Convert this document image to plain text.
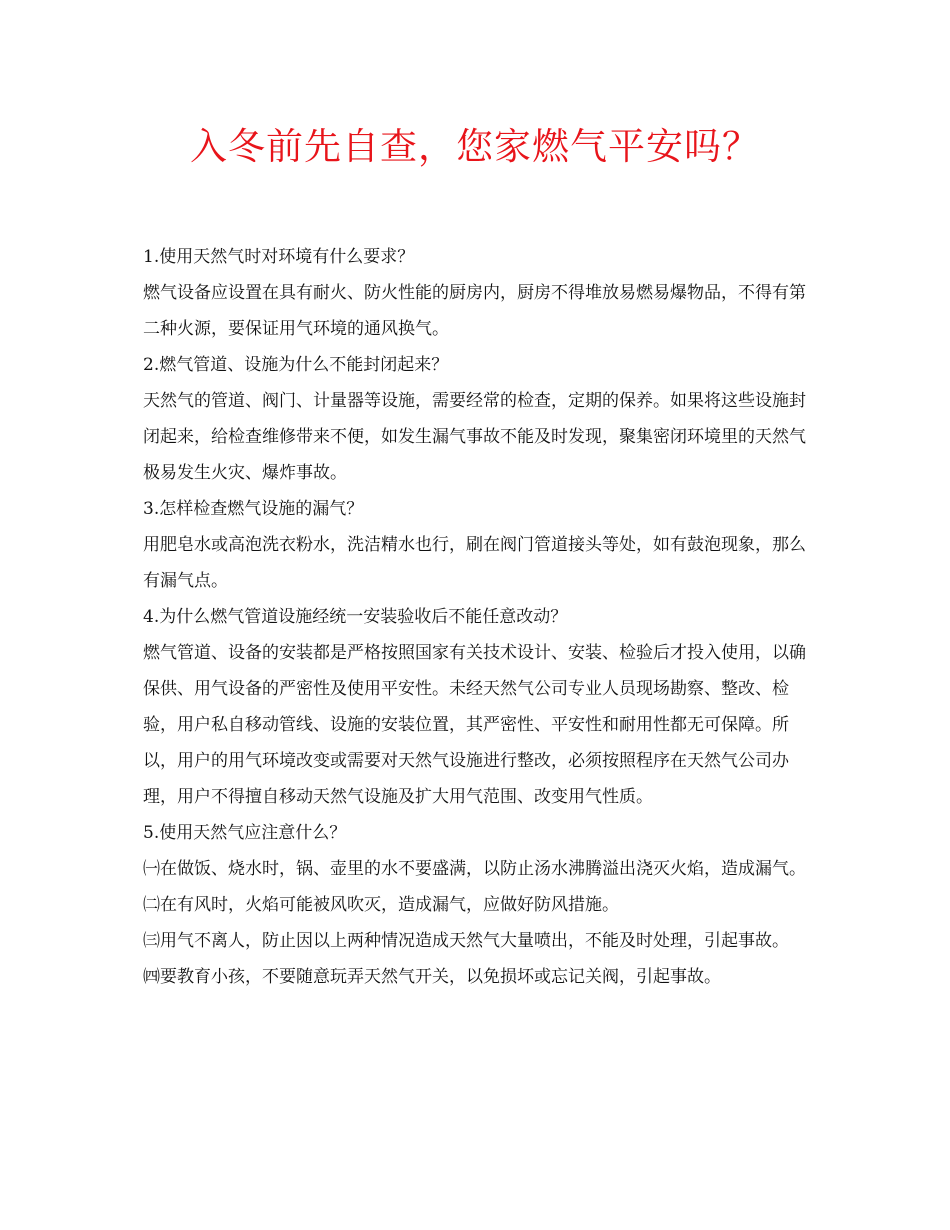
入冬前先自查，您家燃气平安吗？

1.使用天然气时对环境有什么要求？

燃气设备应设置在具有耐火、防火性能的厨房内，厨房不得堆放易燃易爆物品，不得有第二种火源，要保证用气环境的通风换气。

2.燃气管道、设施为什么不能封闭起来？

天然气的管道、阀门、计量器等设施，需要经常的检查，定期的保养。如果将这些设施封闭起来，给检查维修带来不便，如发生漏气事故不能及时发现，聚集密闭环境里的天然气极易发生火灾、爆炸事故。

3.怎样检查燃气设施的漏气？

用肥皂水或高泡洗衣粉水，洗洁精水也行，刷在阀门管道接头等处，如有鼓泡现象，那么有漏气点。

4.为什么燃气管道设施经统一安装验收后不能任意改动？

燃气管道、设备的安装都是严格按照国家有关技术设计、安装、检验后才投入使用，以确保供、用气设备的严密性及使用平安性。未经天然气公司专业人员现场勘察、整改、检验，用户私自移动管线、设施的安装位置，其严密性、平安性和耐用性都无可保障。所以，用户的用气环境改变或需要对天然气设施进行整改，必须按照程序在天然气公司办理，用户不得擅自移动天然气设施及扩大用气范围、改变用气性质。

5.使用天然气应注意什么？

㈠在做饭、烧水时，锅、壶里的水不要盛满，以防止汤水沸腾溢出浇灭火焰，造成漏气。

㈡在有风时，火焰可能被风吹灭，造成漏气，应做好防风措施。

㈢用气不离人，防止因以上两种情况造成天然气大量喷出，不能及时处理，引起事故。

㈣要教育小孩，不要随意玩弄天然气开关，以免损坏或忘记关阀，引起事故。
